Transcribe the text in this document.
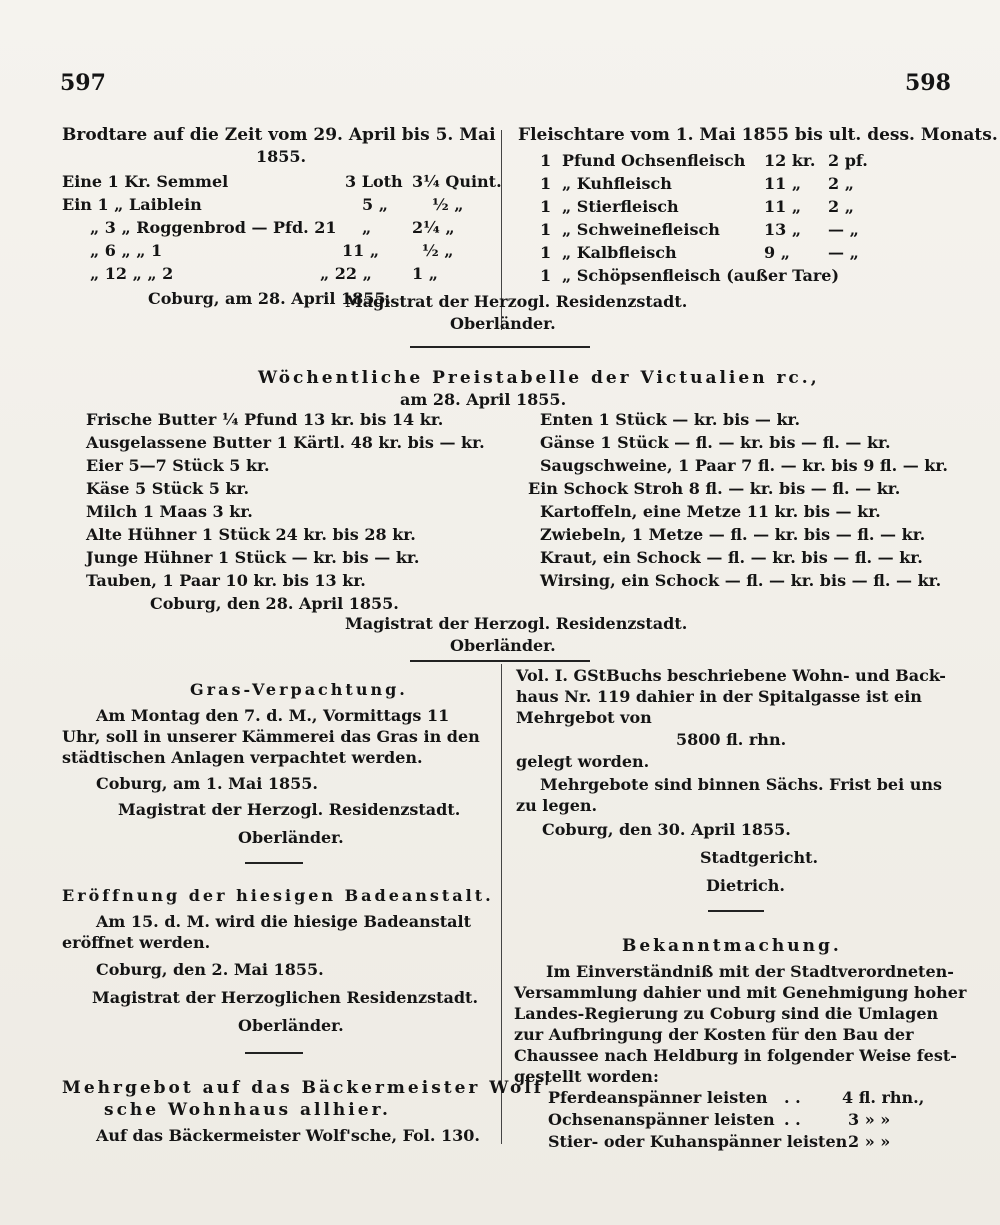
597	598
Brodtare auf die Zeit vom 29. April bis 5. Mai
1855.
Eine 1 Kr. Semmel	3 Loth 3¼ Quint.
Ein 1 „ Laiblein	5 „	½ „
„ 3 „ Roggenbrod — Pfd. 21 „	2¼ „
„ 6 „ „ 1	11 „	½ „
„ 12 „ „ 2	„ 22 „	1 „
Coburg, am 28. April 1855.
Fleischtare vom 1. Mai 1855 bis ult. dess. Monats.
1 Pfund Ochsenfleisch 12 kr. 2 pf.
1 „ Kuhfleisch	11 „ 2 „
1 „ Stierfleisch	11 „ 2 „
1 „ Schweinefleisch	13 „ — „
1 „ Kalbfleisch	9 „ — „
1 „ Schöpsenfleisch (außer Tare)
Magistrat der Herzogl. Residenzstadt.
Oberländer.
Wöchentliche Preistabelle der Victualien rc.,
am 28. April 1855.
Frische Butter ¼ Pfund 13 kr. bis 14 kr.
Ausgelassene Butter 1 Kärtl. 48 kr. bis — kr.
Eier 5—7 Stück 5 kr.
Käse 5 Stück 5 kr.
Milch 1 Maas 3 kr.
Alte Hühner 1 Stück 24 kr. bis 28 kr.
Junge Hühner 1 Stück — kr. bis — kr.
Tauben, 1 Paar 10 kr. bis 13 kr.
Enten 1 Stück — kr. bis — kr.
Gänse 1 Stück — fl. — kr. bis — fl. — kr.
Saugschweine, 1 Paar 7 fl. — kr. bis 9 fl. — kr.
Ein Schock Stroh 8 fl. — kr. bis — fl. — kr.
Kartoffeln, eine Metze 11 kr. bis — kr.
Zwiebeln, 1 Metze — fl. — kr. bis — fl. — kr.
Kraut, ein Schock — fl. — kr. bis — fl. — kr.
Wirsing, ein Schock — fl. — kr. bis — fl. — kr.
Coburg, den 28. April 1855.
Magistrat der Herzogl. Residenzstadt.
Oberländer.
Gras-Verpachtung.
Am Montag den 7. d. M., Vormittags 11
Uhr, soll in unserer Kämmerei das Gras in den
städtischen Anlagen verpachtet werden.
Coburg, am 1. Mai 1855.
Magistrat der Herzogl. Residenzstadt.
Oberländer.
Eröffnung der hiesigen Badeanstalt.
Am 15. d. M. wird die hiesige Badeanstalt
eröffnet werden.
Coburg, den 2. Mai 1855.
Magistrat der Herzoglichen Residenzstadt.
Oberländer.
Mehrgebot auf das Bäckermeister Wolf'
sche Wohnhaus allhier.
Auf das Bäckermeister Wolf'sche, Fol. 130.
Vol. I. GStBuchs beschriebene Wohn- und Back-
haus Nr. 119 dahier in der Spitalgasse ist ein
Mehrgebot von
5800 fl. rhn.
gelegt worden.
Mehrgebote sind binnen Sächs. Frist bei uns
zu legen.
Coburg, den 30. April 1855.
Stadtgericht.
Dietrich.
Bekanntmachung.
Im Einverständniß mit der Stadtverordneten-
Versammlung dahier und mit Genehmigung hoher
Landes-Regierung zu Coburg sind die Umlagen
zur Aufbringung der Kosten für den Bau der
Chaussee nach Heldburg in folgender Weise fest-
gestellt worden:
Pferdeanspänner leisten . .	4 fl. rhn.,
Ochsenanspänner leisten . .	3 » »
Stier- oder Kuhanspänner leisten 2 » »
